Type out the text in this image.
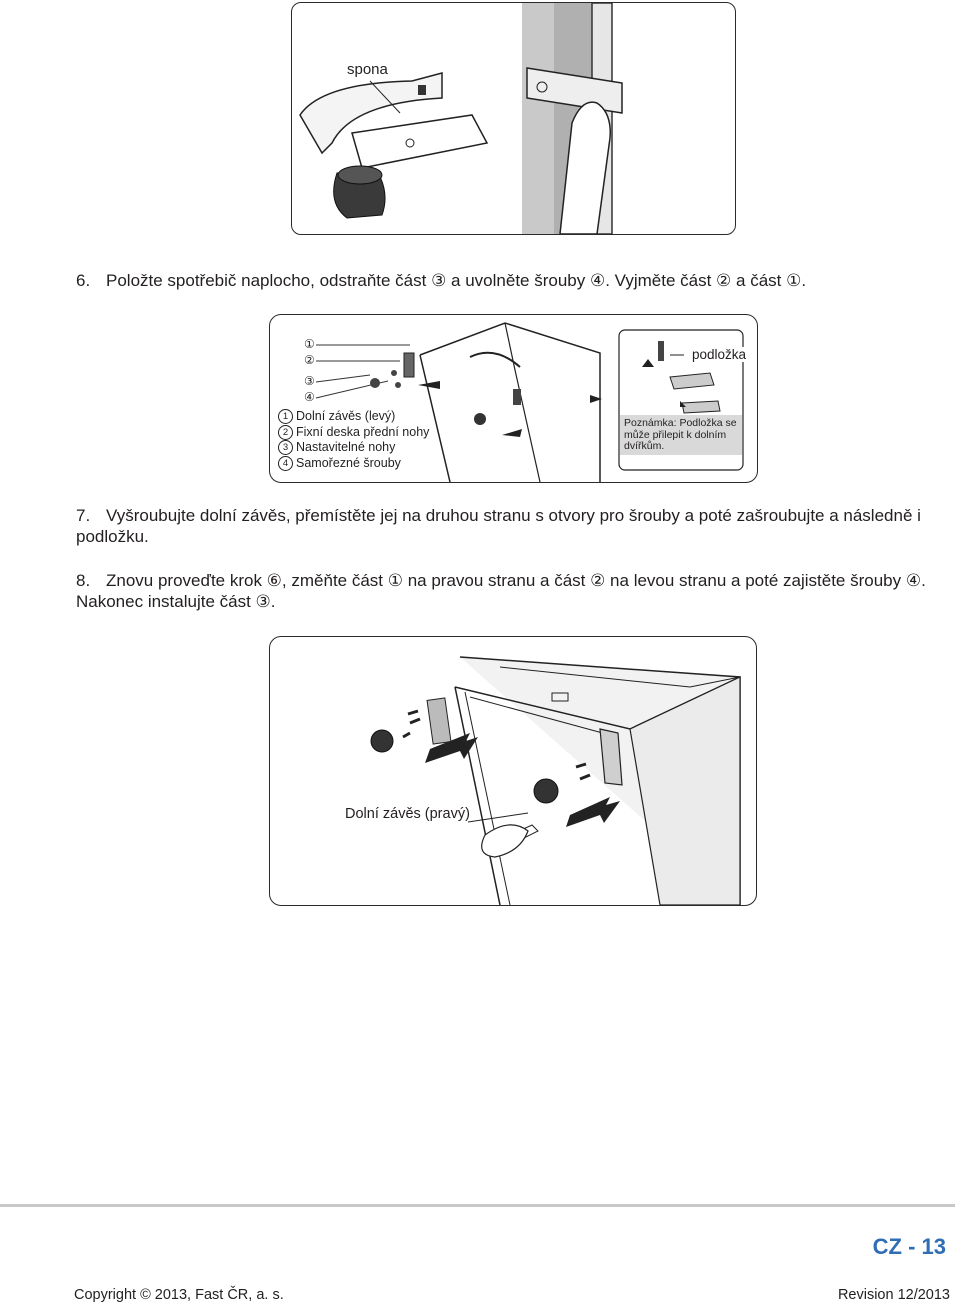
spona
6. Položte spotřebič naplocho, odstraňte část ③ a uvolněte šrouby ④. Vyjměte část ② a část ①.
①
②
③
④
podložka
1 Dolní závěs (levý)
2 Fixní deska přední nohy
3 Nastavitelné nohy
4 Samořezné šrouby
Poznámka: Podložka se může přilepit k dolním dvířkům.
7. Vyšroubujte dolní závěs, přemístěte jej na druhou stranu s otvory pro šrouby a poté zašroubujte a následně i podložku.
8. Znovu proveďte krok ⑥, změňte část ① na pravou stranu a část ② na levou stranu a poté zajistěte šrouby ④. Nakonec instalujte část ③.
Dolní závěs (pravý)
CZ - 13
Copyright © 2013, Fast ČR, a. s.	Revision 12/2013
